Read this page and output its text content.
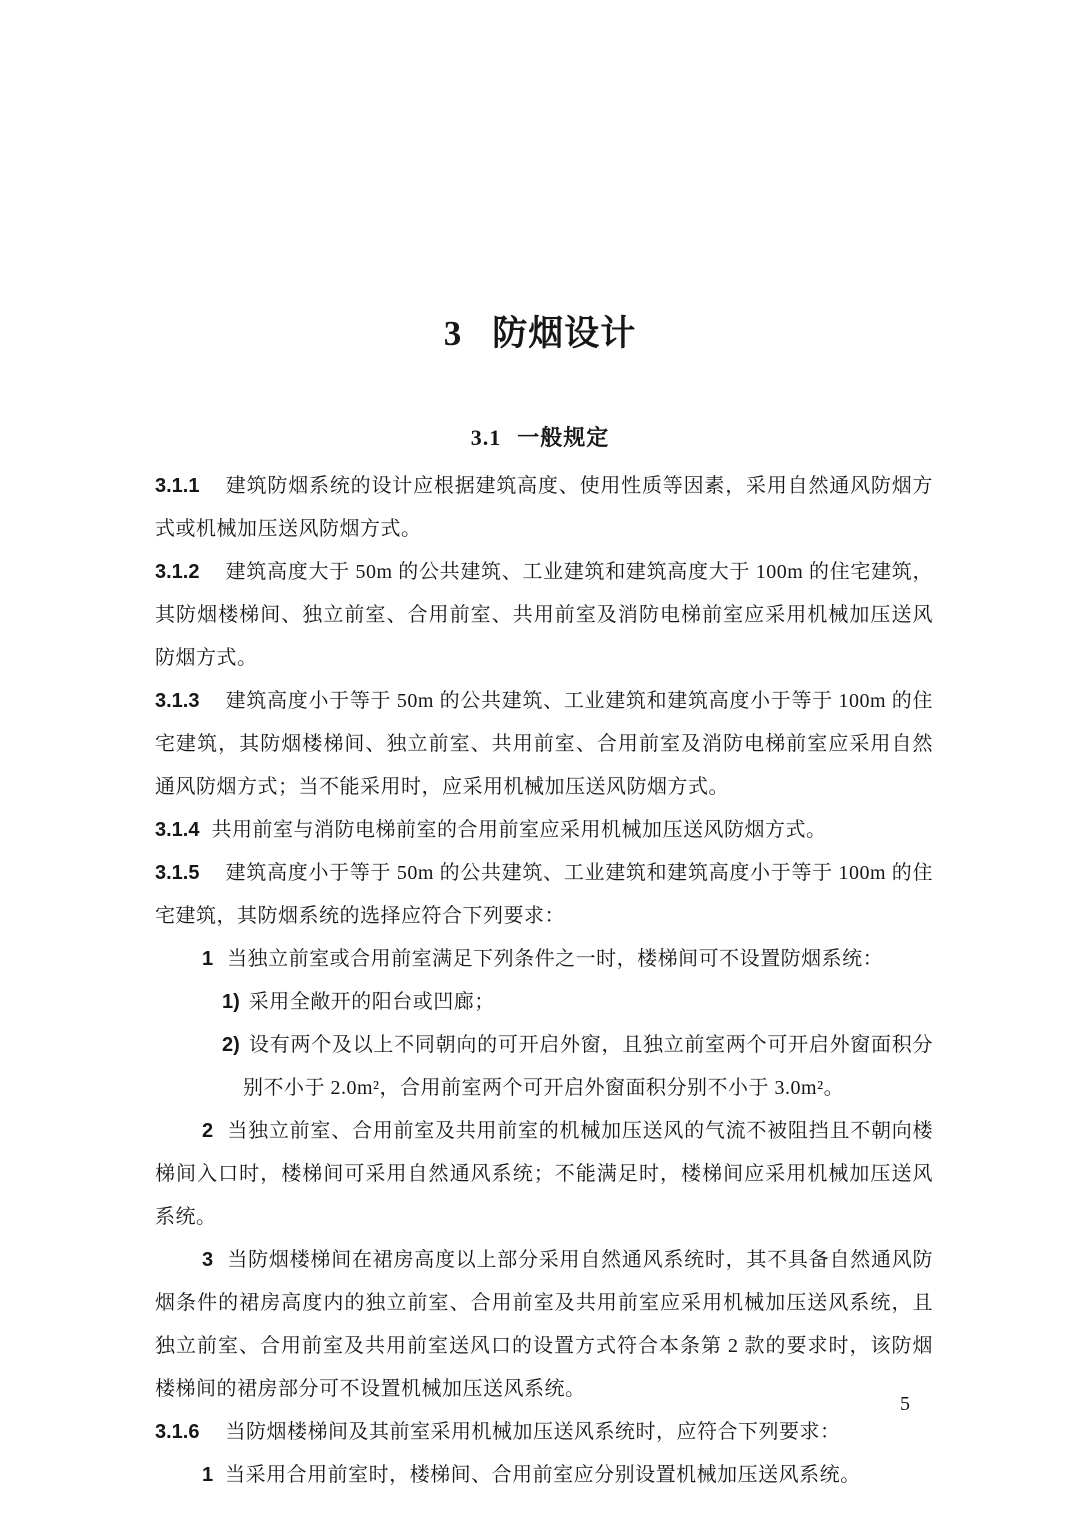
3 防烟设计
3.1 一般规定

3.1.1 建筑防烟系统的设计应根据建筑高度、使用性质等因素，采用自然通风防烟方式或机械加压送风防烟方式。

3.1.2 建筑高度大于 50m 的公共建筑、工业建筑和建筑高度大于 100m 的住宅建筑，其防烟楼梯间、独立前室、合用前室、共用前室及消防电梯前室应采用机械加压送风防烟方式。

3.1.3 建筑高度小于等于 50m 的公共建筑、工业建筑和建筑高度小于等于 100m 的住宅建筑，其防烟楼梯间、独立前室、共用前室、合用前室及消防电梯前室应采用自然通风防烟方式；当不能采用时，应采用机械加压送风防烟方式。

3.1.4 共用前室与消防电梯前室的合用前室应采用机械加压送风防烟方式。

3.1.5 建筑高度小于等于 50m 的公共建筑、工业建筑和建筑高度小于等于 100m 的住宅建筑，其防烟系统的选择应符合下列要求：

1 当独立前室或合用前室满足下列条件之一时，楼梯间可不设置防烟系统：

1) 采用全敞开的阳台或凹廊；

2) 设有两个及以上不同朝向的可开启外窗，且独立前室两个可开启外窗面积分别不小于 2.0m²，合用前室两个可开启外窗面积分别不小于 3.0m²。

2 当独立前室、合用前室及共用前室的机械加压送风的气流不被阻挡且不朝向楼梯间入口时，楼梯间可采用自然通风系统；不能满足时，楼梯间应采用机械加压送风系统。

3 当防烟楼梯间在裙房高度以上部分采用自然通风系统时，其不具备自然通风防烟条件的裙房高度内的独立前室、合用前室及共用前室应采用机械加压送风系统，且独立前室、合用前室及共用前室送风口的设置方式符合本条第 2 款的要求时，该防烟楼梯间的裙房部分可不设置机械加压送风系统。

3.1.6 当防烟楼梯间及其前室采用机械加压送风系统时，应符合下列要求：

1 当采用合用前室时，楼梯间、合用前室应分别设置机械加压送风系统。

5
